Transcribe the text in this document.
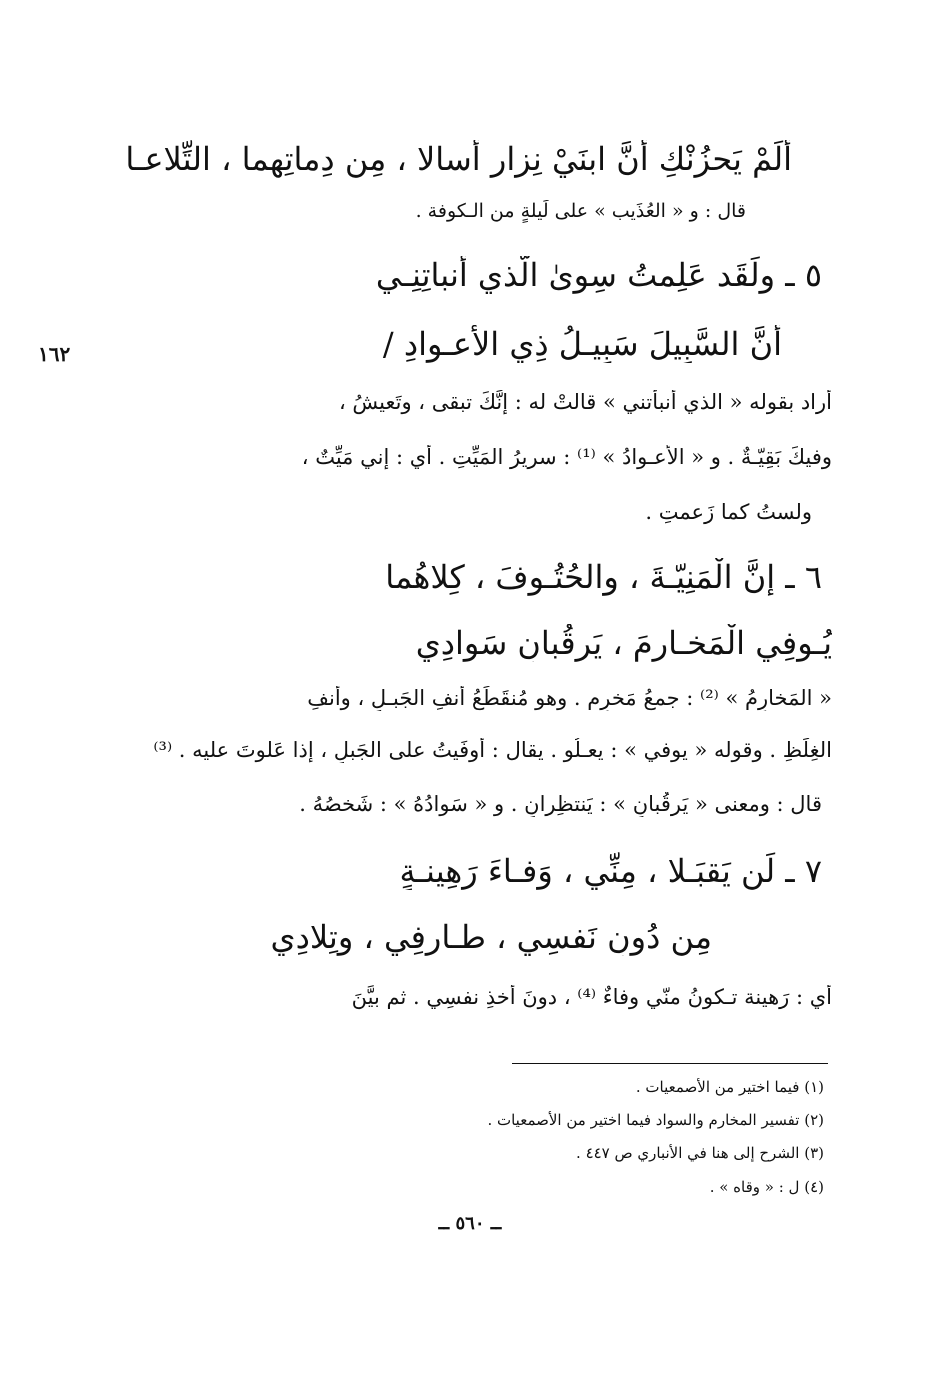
أَلَمْ يَحزُنْكِ أَنَّ ابنَيْ نِزارٍ أَسالا ، مِن دِماتِهِما ، التِّلاعـا
قال : و « العُذَيب » على لَيلةٍ من الـكوفة .
٥ ـ ولَقَد عَلِمتُ سِوىٰ الَّذي أَنباتِنِـي
أَنَّ السَّبِيلَ سَبِيـلُ ذِي الأَعـوادِ /
١٦٢
أراد بقوله « الذي أنبأتني » قالتْ له : إنَّكَ تبقى ، وتَعيشُ ،
وفيكَ بَقِيّـةٌ . و « الأَعـوادُ » ⁽¹⁾ : سريرُ المَيِّتِ . أي : إني مَيِّتٌ ،
ولستُ كما زَعمتِ .
٦ ـ إِنَّ الْمَنِيّـةَ ، والحُتُـوفَ ، كِلاهُما
يُـوفِي الْمَخـارِمَ ، يَرقُبانِ سَوادِي
« المَخارِمُ » ⁽²⁾ : جمعُ مَخرِمٍ . وهو مُنقَطَعُ أنفِ الجَبـلِ ، وأنفِ
الغِلَظِ . وقوله « يوفي » : يعـلُو . يقال : أَوفَيتُ على الجَبلِ ، إذا عَلوتَ عليه . ⁽³⁾
قال : ومعنى « يَرقُبانِ » : يَنتظِرانِ . و « سَوادُهُ » : شَخصُهُ .
٧ ـ لَن يَقبَـلا ، مِنِّي ، وَفـاءَ رَهِينـةٍ
مِن دُونِ نَفسِي ، طـارِفِي ، وتِلادِي
أي : رَهينة تـكونُ منّي وفاءٌ ⁽⁴⁾ ، دونَ أَخذِ نفسِي . ثم بيَّنَ
(١) فيما اختير من الأصمعيات .
(٢) تفسير المخارم والسواد فيما اختير من الأصمعيات .
(٣) الشرح إلى هنا في الأنباري ص ٤٤٧ .
(٤) ل : « وقاه » .
ــ ٥٦٠ ــ
